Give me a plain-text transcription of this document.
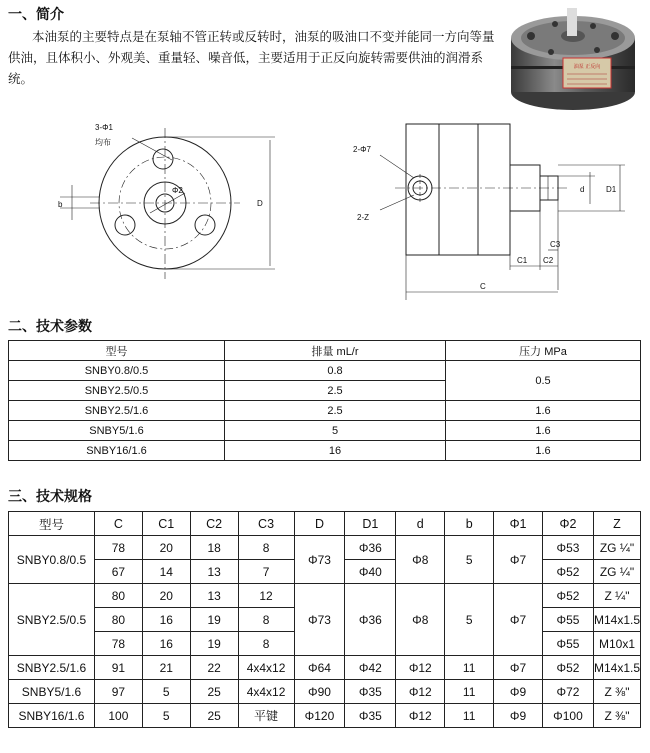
一、简介
本油泵的主要特点是在泵轴不管正转或反转时，油泵的吸油口不变并能同一方向等量供油，且体积小、外观美、重量轻、噪音低，主要适用于正反向旋转需要供油的润滑系统。
油泵 正反向
3-Φ1
均布
Φ2
b	D
2-Φ7
2-Z
d	D1
C3
C1 C2
C
二、技术参数
型号	排量 mL/r	压力 MPa
SNBY0.8/0.5	0.8	0.5
SNBY2.5/0.5	2.5	
SNBY2.5/1.6	2.5	1.6
SNBY5/1.6	5	1.6
SNBY16/1.6	16	1.6
三、技术规格
型号	C	C1	C2	C3	D	D1	d	b	Φ1	Φ2	Z
SNBY0.8/0.5	78	20	18	8	Φ73	Φ36	Φ8	5	Φ7	Φ53	ZG ¼"
	67	14	13	7		Φ40				Φ52	ZG ¼"
SNBY2.5/0.5	80	20	13	12	Φ73	Φ36	Φ8	5	Φ7	Φ52	Z ¼"
	80	16	19	8						Φ55	M14x1.5
	78	16	19	8						Φ55	M10x1
SNBY2.5/1.6	91	21	22	4x4x12	Φ64	Φ42	Φ12	11	Φ7	Φ52	M14x1.5
SNBY5/1.6	97	5	25	4x4x12	Φ90	Φ35	Φ12	11	Φ9	Φ72	Z ⅜"
SNBY16/1.6	100	5	25	平键	Φ120	Φ35	Φ12	11	Φ9	Φ100	Z ⅜"
